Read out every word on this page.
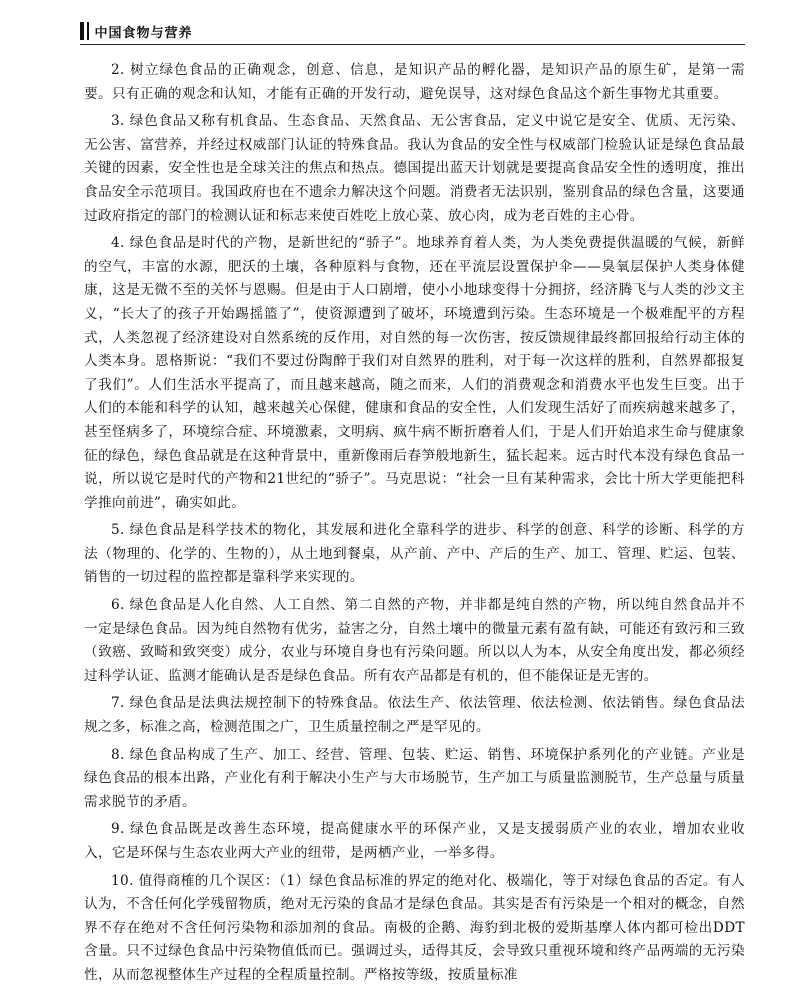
中国食物与营养

2. 树立绿色食品的正确观念，创意、信息，是知识产品的孵化器，是知识产品的原生矿，是第一需要。只有正确的观念和认知，才能有正确的开发行动，避免误导，这对绿色食品这个新生事物尤其重要。

3. 绿色食品又称有机食品、生态食品、天然食品、无公害食品，定义中说它是安全、优质、无污染、无公害、富营养，并经过权威部门认证的特殊食品。我认为食品的安全性与权威部门检验认证是绿色食品最关键的因素，安全性也是全球关注的焦点和热点。德国提出蓝天计划就是要提高食品安全性的透明度，推出食品安全示范项目。我国政府也在不遗余力解决这个问题。消费者无法识别，鉴别食品的绿色含量，这要通过政府指定的部门的检测认证和标志来使百姓吃上放心菜、放心肉，成为老百姓的主心骨。

4. 绿色食品是时代的产物，是新世纪的“骄子”。地球养育着人类，为人类免费提供温暖的气候，新鲜的空气，丰富的水源，肥沃的土壤，各种原料与食物，还在平流层设置保护伞——臭氧层保护人类身体健康，这是无微不至的关怀与恩赐。但是由于人口剧增，使小小地球变得十分拥挤，经济腾飞与人类的沙文主义，“长大了的孩子开始踢摇篮了”，使资源遭到了破坏，环境遭到污染。生态环境是一个极难配平的方程式，人类忽视了经济建设对自然系统的反作用，对自然的每一次伤害，按反馈规律最终都回报给行动主体的人类本身。恩格斯说：“我们不要过份陶醉于我们对自然界的胜利，对于每一次这样的胜利，自然界都报复了我们”。人们生活水平提高了，而且越来越高，随之而来，人们的消费观念和消费水平也发生巨变。出于人们的本能和科学的认知，越来越关心保健，健康和食品的安全性，人们发现生活好了而疾病越来越多了，甚至怪病多了，环境综合症、环境激素，文明病、疯牛病不断折磨着人们，于是人们开始追求生命与健康象征的绿色，绿色食品就是在这种背景中，重新像雨后春笋般地新生，猛长起来。远古时代本没有绿色食品一说，所以说它是时代的产物和21世纪的“骄子”。马克思说：“社会一旦有某种需求，会比十所大学更能把科学推向前进”，确实如此。

5. 绿色食品是科学技术的物化，其发展和进化全靠科学的进步、科学的创意、科学的诊断、科学的方法（物理的、化学的、生物的），从土地到餐桌，从产前、产中、产后的生产、加工、管理、贮运、包装、销售的一切过程的监控都是靠科学来实现的。

6. 绿色食品是人化自然、人工自然、第二自然的产物，并非都是纯自然的产物，所以纯自然食品并不一定是绿色食品。因为纯自然物有优劣，益害之分，自然土壤中的微量元素有盈有缺，可能还有致污和三致（致癌、致畸和致突变）成分，农业与环境自身也有污染问题。所以以人为本，从安全角度出发，都必须经过科学认证、监测才能确认是否是绿色食品。所有农产品都是有机的，但不能保证是无害的。

7. 绿色食品是法典法规控制下的特殊食品。依法生产、依法管理、依法检测、依法销售。绿色食品法规之多，标准之高，检测范围之广，卫生质量控制之严是罕见的。

8. 绿色食品构成了生产、加工、经营、管理、包装、贮运、销售、环境保护系列化的产业链。产业是绿色食品的根本出路，产业化有利于解决小生产与大市场脱节，生产加工与质量监测脱节，生产总量与质量需求脱节的矛盾。

9. 绿色食品既是改善生态环境，提高健康水平的环保产业，又是支援弱质产业的农业，增加农业收入，它是环保与生态农业两大产业的纽带，是两栖产业，一举多得。

10. 值得商榷的几个误区：（1）绿色食品标准的界定的绝对化、极端化，等于对绿色食品的否定。有人认为，不含任何化学残留物质，绝对无污染的食品才是绿色食品。其实是否有污染是一个相对的概念，自然界不存在绝对不含任何污染物和添加剂的食品。南极的企鹅、海豹到北极的爱斯基摩人体内都可检出DDT含量。只不过绿色食品中污染物值低而已。强调过头，适得其反，会导致只重视环境和终产品两端的无污染性，从而忽视整体生产过程的全程质量控制。严格按等级，按质量标准
